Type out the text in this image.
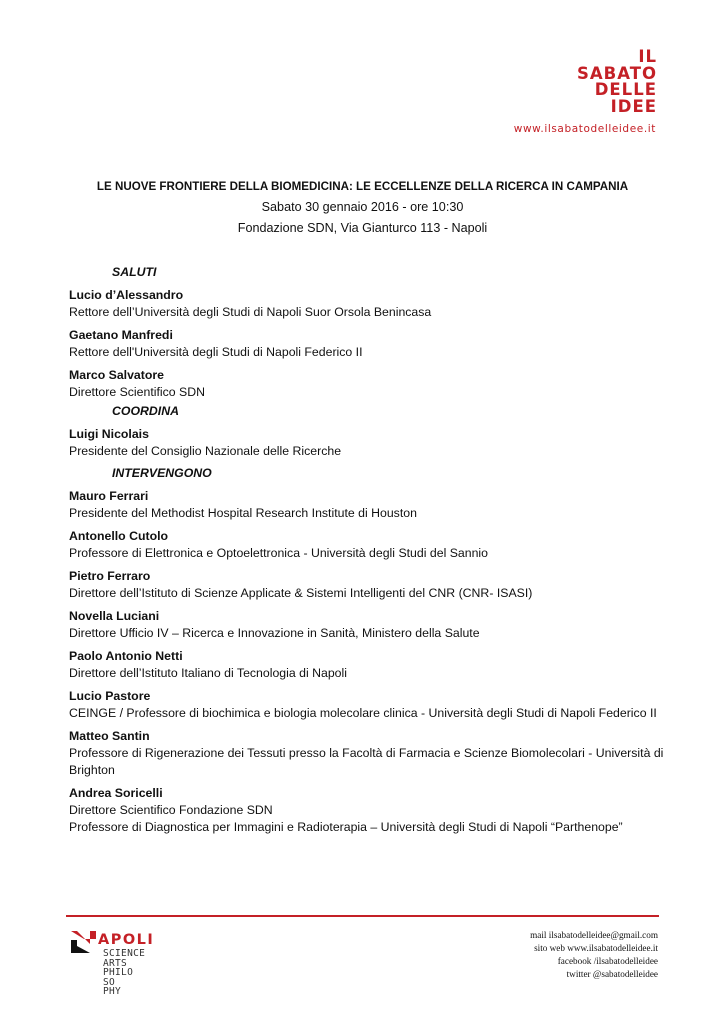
IL
SABATO
DELLE
IDEE
www.ilsabatodelleidee.it
LE NUOVE FRONTIERE DELLA BIOMEDICINA: LE ECCELLENZE DELLA RICERCA IN CAMPANIA
Sabato 30 gennaio 2016 - ore 10:30
Fondazione SDN, Via Gianturco 113 - Napoli
SALUTI
Lucio d’Alessandro
Rettore dell’Università degli Studi di Napoli Suor Orsola Benincasa
Gaetano Manfredi
Rettore dell'Università degli Studi di Napoli Federico II
Marco Salvatore
Direttore Scientifico SDN
COORDINA
Luigi Nicolais
Presidente del Consiglio Nazionale delle Ricerche
INTERVENGONO
Mauro Ferrari
Presidente del Methodist Hospital Research Institute di Houston
Antonello Cutolo
Professore di Elettronica e Optoelettronica - Università degli Studi del Sannio
Pietro Ferraro
Direttore dell’Istituto di Scienze Applicate & Sistemi Intelligenti del CNR (CNR- ISASI)
Novella Luciani
Direttore Ufficio IV – Ricerca e Innovazione in Sanità, Ministero della Salute
Paolo Antonio Netti
Direttore dell’Istituto Italiano di Tecnologia di Napoli
Lucio Pastore
CEINGE / Professore di biochimica e biologia molecolare clinica - Università degli Studi di Napoli Federico II
Matteo Santin
Professore di Rigenerazione dei Tessuti presso la Facoltà di Farmacia e Scienze Biomolecolari - Università di Brighton
Andrea Soricelli
Direttore Scientifico Fondazione SDN
Professore di Diagnostica per Immagini e Radioterapia – Università degli Studi di Napoli “Parthenope”
APOLI
SCIENCE
ARTS
PHILO
SO
PHY
mail ilsabatodelleidee@gmail.com
sito web www.ilsabatodelleidee.it
facebook /ilsabatodelleidee
twitter @sabatodelleidee
